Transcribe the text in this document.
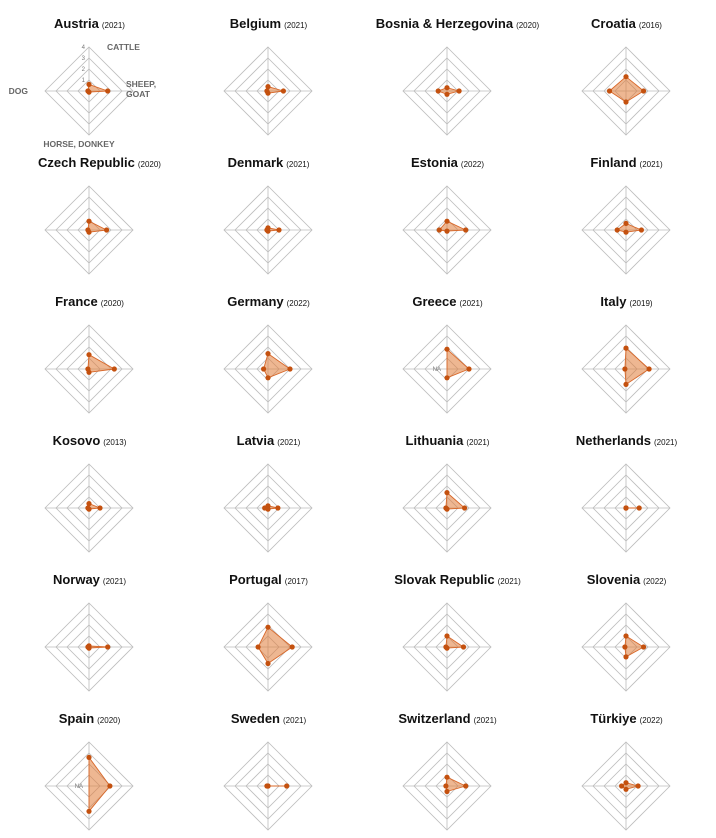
Austria (2021)
1
2
3
4	CATTLE
SHEEP,
GOAT
HORSE, DONKEY
DOG
Belgium (2021)	Bosnia & Herzegovina (2020)	Croatia (2016)
Czech Republic (2020)	Denmark (2021)	Estonia (2022)	Finland (2021)
France (2020)	Germany (2022)	Greece (2021)
NA
Italy (2019)
Kosovo (2013)	Latvia (2021)	Lithuania (2021)	Netherlands (2021)
Norway (2021)	Portugal (2017)	Slovak Republic (2021)	Slovenia (2022)
Spain (2020)
NA
Sweden (2021)	Switzerland (2021)	Türkiye (2022)
